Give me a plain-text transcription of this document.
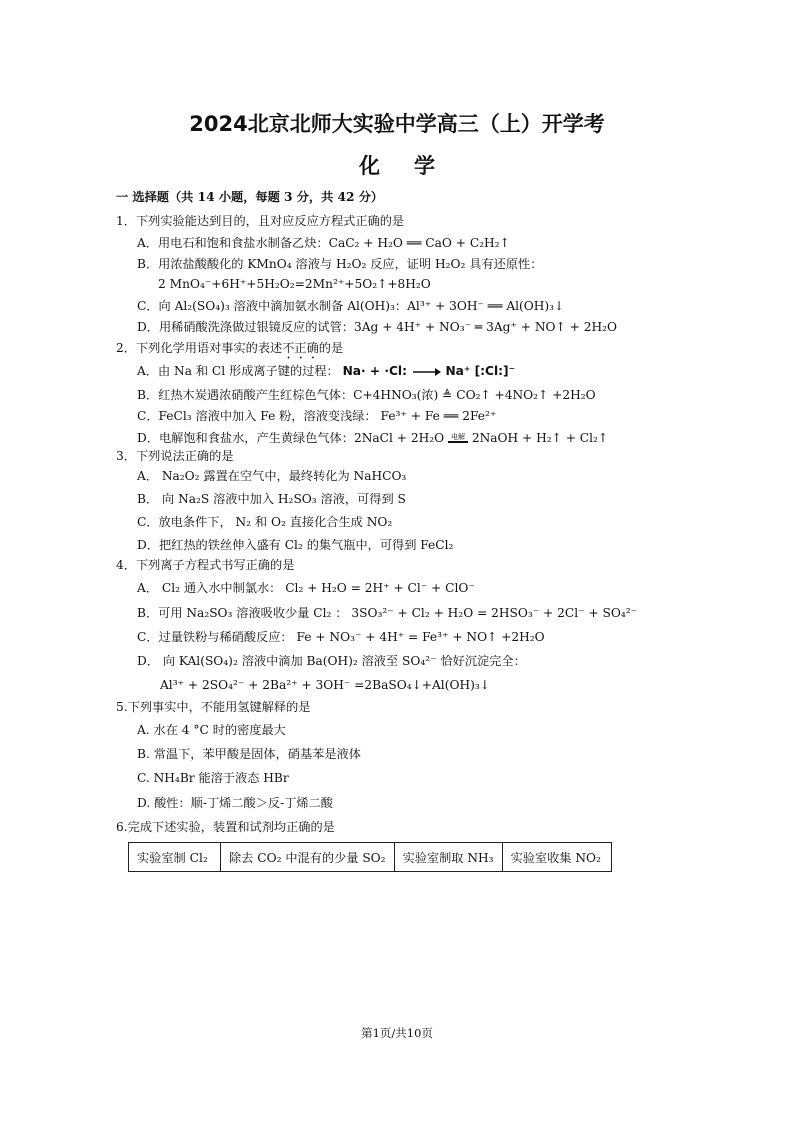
2024北京北师大实验中学高三（上）开学考
化学
一 选择题（共 14 小题，每题 3 分，共 42 分）
1．下列实验能达到目的，且对应反应方程式正确的是
A．用电石和饱和食盐水制备乙炔：CaC₂ + H₂O ══ CaO + C₂H₂↑
B．用浓盐酸酸化的 KMnO₄ 溶液与 H₂O₂ 反应，证明 H₂O₂ 具有还原性：
2 MnO₄⁻+6H⁺+5H₂O₂=2Mn²⁺+5O₂↑+8H₂O
C．向 Al₂(SO₄)₃ 溶液中滴加氨水制备 Al(OH)₃：Al³⁺ + 3OH⁻ ══ Al(OH)₃↓
D．用稀硝酸洗涤做过银镜反应的试管：3Ag + 4H⁺ + NO₃⁻ ═ 3Ag⁺ + NO↑ + 2H₂O
2．下列化学用语对事实的表述不正确的是
A．由 Na 和 Cl 形成离子键的过程： Na· + ·Cl:	Na⁺ [:Cl:]⁻
B．红热木炭遇浓硝酸产生红棕色气体：C+4HNO₃(浓) ≜ CO₂↑ +4NO₂↑ +2H₂O
C．FeCl₃ 溶液中加入 Fe 粉，溶液变浅绿： Fe³⁺ + Fe ══ 2Fe²⁺
D．电解饱和食盐水，产生黄绿色气体：2NaCl + 2H₂O 电解 2NaOH + H₂↑ + Cl₂↑
3．下列说法正确的是
A． Na₂O₂ 露置在空气中，最终转化为 NaHCO₃
B． 向 Na₂S 溶液中加入 H₂SO₃ 溶液，可得到 S
C．放电条件下， N₂ 和 O₂ 直接化合生成 NO₂
D．把红热的铁丝伸入盛有 Cl₂ 的集气瓶中，可得到 FeCl₂
4．下列离子方程式书写正确的是
A． Cl₂ 通入水中制氯水： Cl₂ + H₂O = 2H⁺ + Cl⁻ + ClO⁻
B．可用 Na₂SO₃ 溶液吸收少量 Cl₂ ： 3SO₃²⁻ + Cl₂ + H₂O = 2HSO₃⁻ + 2Cl⁻ + SO₄²⁻
C．过量铁粉与稀硝酸反应： Fe + NO₃⁻ + 4H⁺ = Fe³⁺ + NO↑ +2H₂O
D． 向 KAl(SO₄)₂ 溶液中滴加 Ba(OH)₂ 溶液至 SO₄²⁻ 恰好沉淀完全：
Al³⁺ + 2SO₄²⁻ + 2Ba²⁺ + 3OH⁻ =2BaSO₄↓+Al(OH)₃↓
5.下列事实中，不能用氢键解释的是
A. 水在 4 °C 时的密度最大
B. 常温下，苯甲酸是固体，硝基苯是液体
C. NH₄Br 能溶于液态 HBr
D. 酸性：顺-丁烯二酸＞反-丁烯二酸
6.完成下述实验，装置和试剂均正确的是
实验室制 Cl₂	除去 CO₂ 中混有的少量 SO₂	实验室制取 NH₃	实验室收集 NO₂
第1页/共10页
